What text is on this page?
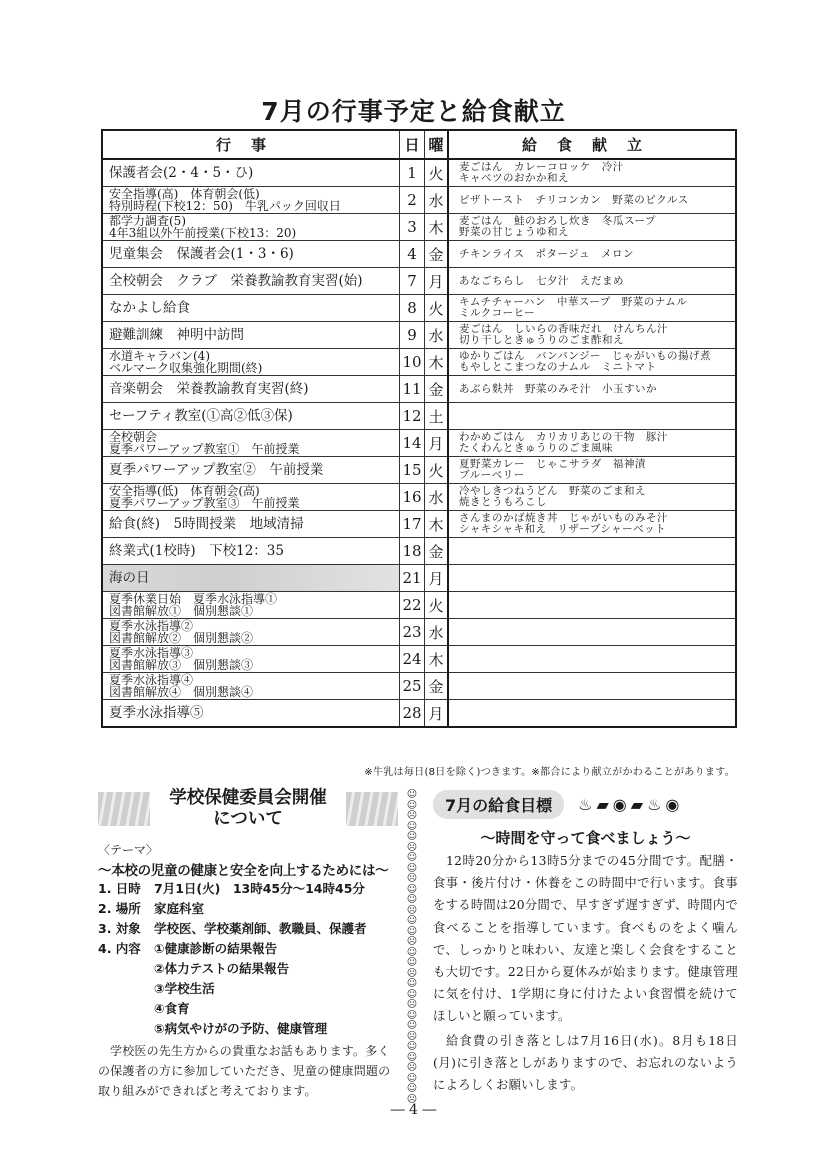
7月の行事予定と給食献立
行事	日	曜	給食献立

保護者会(2・4・5・ひ)	1	火	麦ごはん　カレーコロッケ　冷汁
キャベツのおかか和え

安全指導(高)　体育朝会(低)
特別時程(下校12：50)　牛乳パック回収日	2	水	ピザトースト　チリコンカン　野菜のピクルス

都学力調査(5)
4年3組以外午前授業(下校13：20)	3	木	麦ごはん　鮭のおろし炊き　冬瓜スープ
野菜の甘じょうゆ和え

児童集会　保護者会(1・3・6)	4	金	チキンライス　ポタージュ　メロン

全校朝会　クラブ　栄養教諭教育実習(始)	7	月	あなごちらし　七夕汁　えだまめ

なかよし給食	8	火	キムチチャーハン　中華スープ　野菜のナムル
ミルクコーヒー

避難訓練　神明中訪問	9	水	麦ごはん　しいらの香味だれ　けんちん汁
切り干しときゅうりのごま酢和え

水道キャラバン(4)
ベルマーク収集強化期間(終)	10	木	ゆかりごはん　バンバンジー　じゃがいもの揚げ煮
もやしとこまつなのナムル　ミニトマト

音楽朝会　栄養教諭教育実習(終)	11	金	あぶら麩丼　野菜のみそ汁　小玉すいか

セーフティ教室(①高②低③保)	12	土	

全校朝会
夏季パワーアップ教室①　午前授業	14	月	わかめごはん　カリカリあじの干物　豚汁
たくわんときゅうりのごま風味

夏季パワーアップ教室②　午前授業	15	火	夏野菜カレー　じゃこサラダ　福神漬
ブルーベリー

安全指導(低)　体育朝会(高)
夏季パワーアップ教室③　午前授業	16	水	冷やしきつねうどん　野菜のごま和え
焼きとうもろこし

給食(終)　5時間授業　地域清掃	17	木	さんまのかば焼き丼　じゃがいものみそ汁
シャキシャキ和え　リザーブシャーベット

終業式(1校時)　下校12：35	18	金	

海の日	21	月	

夏季休業日始　夏季水泳指導①
図書館解放①　個別懇談①	22	火	

夏季水泳指導②
図書館解放②　個別懇談②	23	水	

夏季水泳指導③
図書館解放③　個別懇談③	24	木	

夏季水泳指導④
図書館解放④　個別懇談④	25	金	

夏季水泳指導⑤	28	月	
※牛乳は毎日(8日を除く)つきます。※都合により献立がかわることがあります。
学校保健委員会開催
について
〈テーマ〉
～本校の児童の健康と安全を向上するためには～
1. 日時 7月1日(火)　13時45分～14時45分
2. 場所 家庭科室
3. 対象 学校医、学校薬剤師、教職員、保護者
4. 内容 ①健康診断の結果報告
②体力テストの結果報告
③学校生活
④食育
⑤病気やけがの予防、健康管理
学校医の先生方からの貴重なお話もあります。多くの保護者の方に参加していただき、児童の健康問題の取り組みができればと考えております。
☺
☺
☹
☺
☺
☹
☺
☺
☹
☺
☺
☹
☺
☺
☹
☺
☺
☹
☺
☺
☹
☺
☺
☹
☺
☺
☹
☺
☺
☹
7月の給食目標	♨ ▰ ◉ ▰ ♨ ◉
～時間を守って食べましょう～

12時20分から13時5分までの45分間です。配膳・食事・後片付け・休養をこの時間中で行います。食事をする時間は20分間で、早すぎず遅すぎず、時間内で食べることを指導しています。食べものをよく噛んで、しっかりと味わい、友達と楽しく会食をすることも大切です。22日から夏休みが始まります。健康管理に気を付け、1学期に身に付けたよい食習慣を続けてほしいと願っています。

給食費の引き落としは7月16日(水)。8月も18日(月)に引き落としがありますので、お忘れのないようによろしくお願いします。

― 4 ―
